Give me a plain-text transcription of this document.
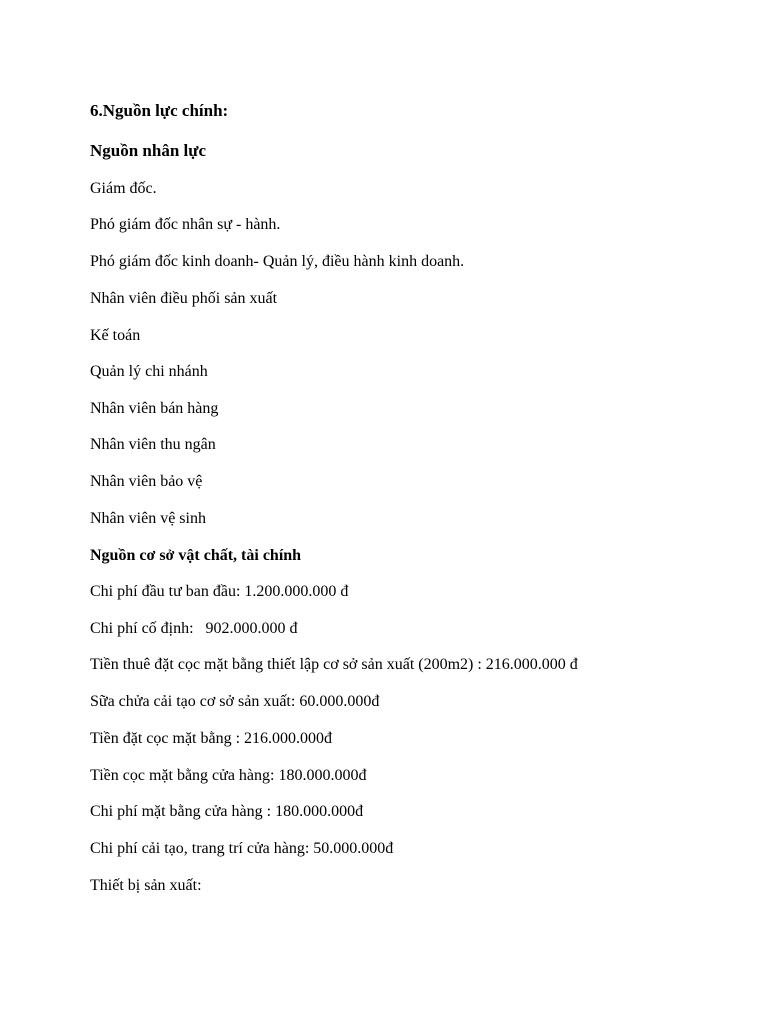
6.Nguồn lực chính:

Nguồn nhân lực

Giám đốc.

Phó giám đốc nhân sự - hành.

Phó giám đốc kinh doanh- Quản lý, điều hành kinh doanh.

Nhân viên điều phối sản xuất

Kế toán

Quản lý chi nhánh

Nhân viên bán hàng

Nhân viên thu ngân

Nhân viên bảo vệ

Nhân viên vệ sinh

Nguồn cơ sở vật chất, tài chính

Chi phí đầu tư ban đầu: 1.200.000.000 đ

Chi phí cố định:   902.000.000 đ

Tiền thuê đặt cọc mặt bằng thiết lập cơ sở sản xuất (200m2) : 216.000.000 đ

Sữa chửa cải tạo cơ sở sản xuất: 60.000.000đ

Tiền đặt cọc mặt bằng : 216.000.000đ

Tiền cọc mặt bằng cửa hàng: 180.000.000đ

Chi phí mặt bằng cửa hàng : 180.000.000đ

Chi phí cải tạo, trang trí cửa hàng: 50.000.000đ

Thiết bị sản xuất:
